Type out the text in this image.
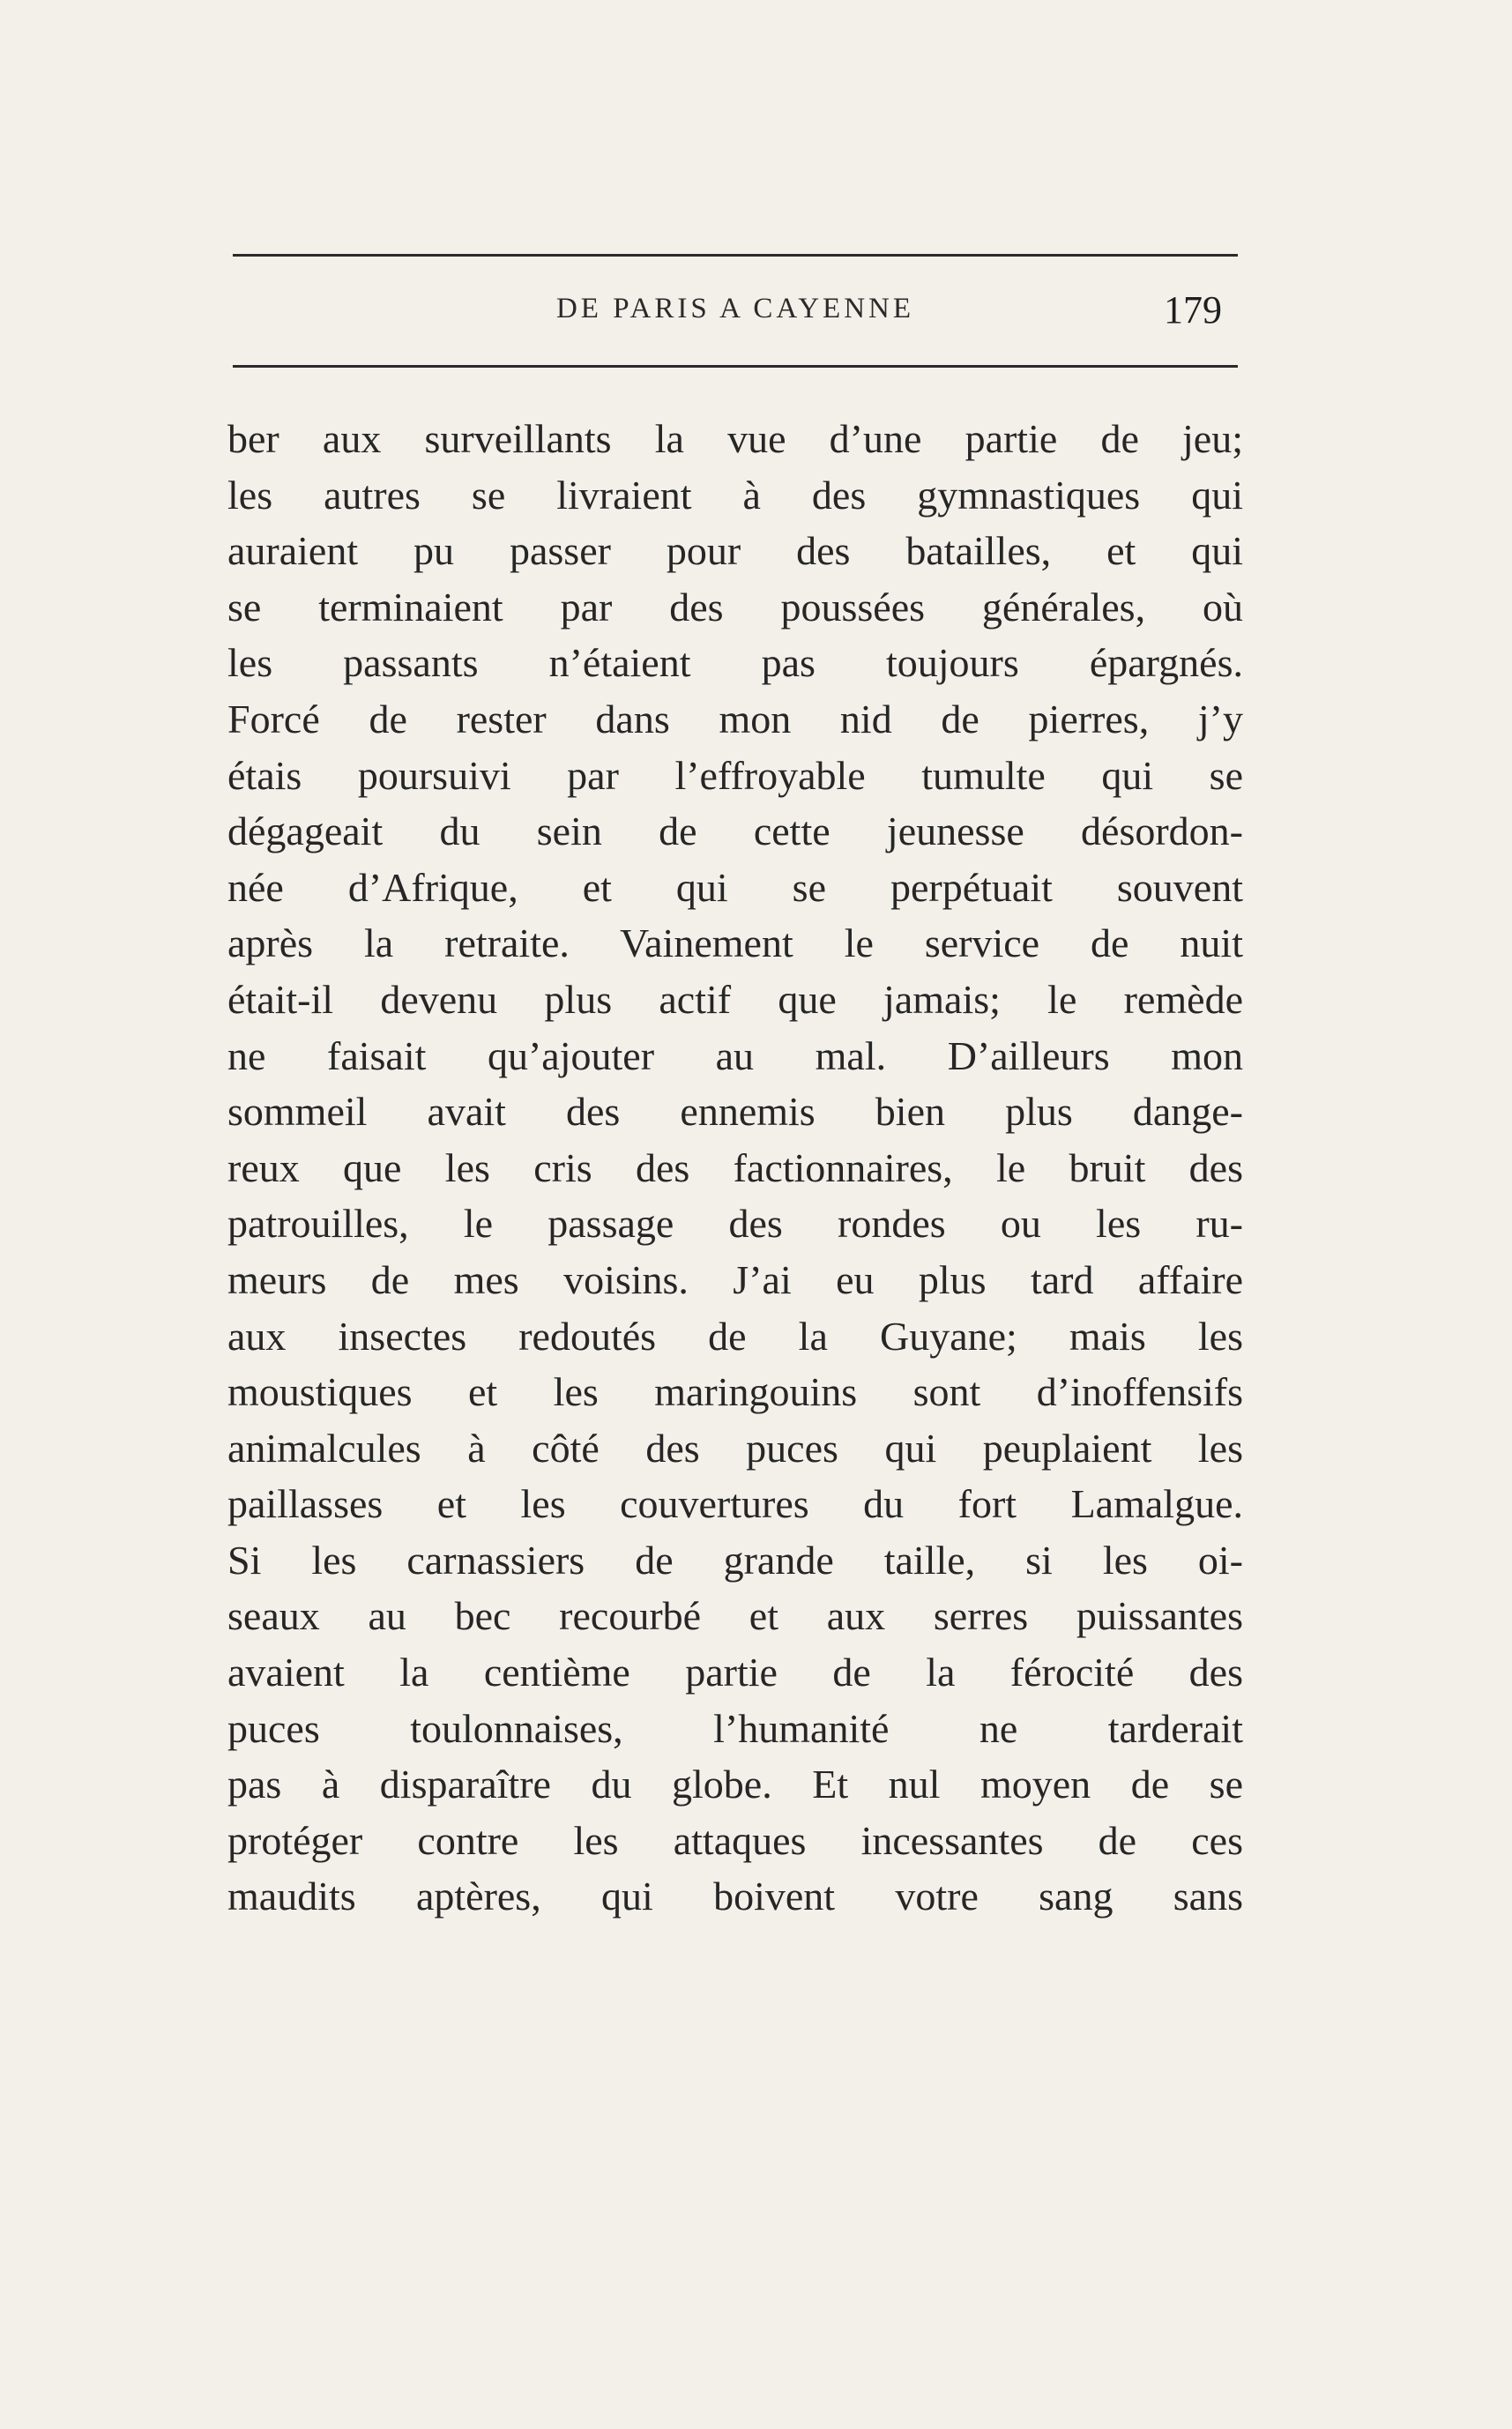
DE PARIS A CAYENNE	179
ber aux surveillants la vue d’une partie de jeu;
les autres se livraient à des gymnastiques qui
auraient pu passer pour des batailles, et qui
se terminaient par des poussées générales, où
les passants n’étaient pas toujours épargnés.
Forcé de rester dans mon nid de pierres, j’y
étais poursuivi par l’effroyable tumulte qui se
dégageait du sein de cette jeunesse désordon-
née d’Afrique, et qui se perpétuait souvent
après la retraite. Vainement le service de nuit
était-il devenu plus actif que jamais; le remède
ne faisait qu’ajouter au mal. D’ailleurs mon
sommeil avait des ennemis bien plus dange-
reux que les cris des factionnaires, le bruit des
patrouilles, le passage des rondes ou les ru-
meurs de mes voisins. J’ai eu plus tard affaire
aux insectes redoutés de la Guyane; mais les
moustiques et les maringouins sont d’inoffensifs
animalcules à côté des puces qui peuplaient les
paillasses et les couvertures du fort Lamalgue.
Si les carnassiers de grande taille, si les oi-
seaux au bec recourbé et aux serres puissantes
avaient la centième partie de la férocité des
puces toulonnaises, l’humanité ne tarderait
pas à disparaître du globe. Et nul moyen de se
protéger contre les attaques incessantes de ces
maudits aptères, qui boivent votre sang sans
